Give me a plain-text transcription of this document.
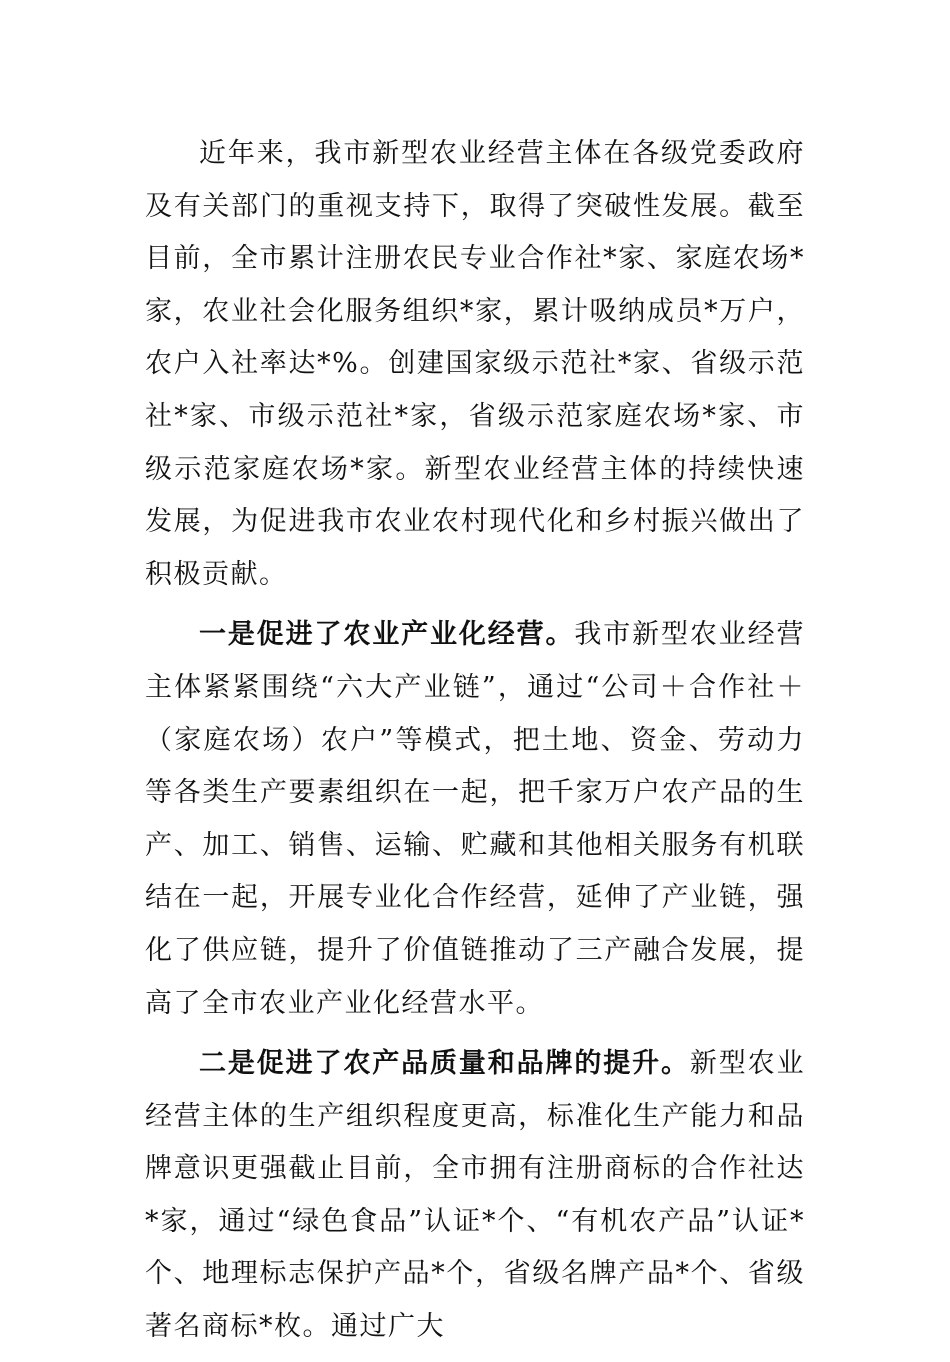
近年来，我市新型农业经营主体在各级党委政府及有关部门的重视支持下，取得了突破性发展。截至目前，全市累计注册农民专业合作社*家、家庭农场*家，农业社会化服务组织*家，累计吸纳成员*万户，农户入社率达*%。创建国家级示范社*家、省级示范社*家、市级示范社*家，省级示范家庭农场*家、市级示范家庭农场*家。新型农业经营主体的持续快速发展，为促进我市农业农村现代化和乡村振兴做出了积极贡献。

一是促进了农业产业化经营。我市新型农业经营主体紧紧围绕“六大产业链”，通过“公司＋合作社＋（家庭农场）农户”等模式，把土地、资金、劳动力等各类生产要素组织在一起，把千家万户农产品的生产、加工、销售、运输、贮藏和其他相关服务有机联结在一起，开展专业化合作经营，延伸了产业链，强化了供应链，提升了价值链推动了三产融合发展，提高了全市农业产业化经营水平。

二是促进了农产品质量和品牌的提升。新型农业经营主体的生产组织程度更高，标准化生产能力和品牌意识更强截止目前，全市拥有注册商标的合作社达*家，通过“绿色食品”认证*个、“有机农产品”认证*个、地理标志保护产品*个，省级名牌产品*个、省级著名商标*枚。通过广大
